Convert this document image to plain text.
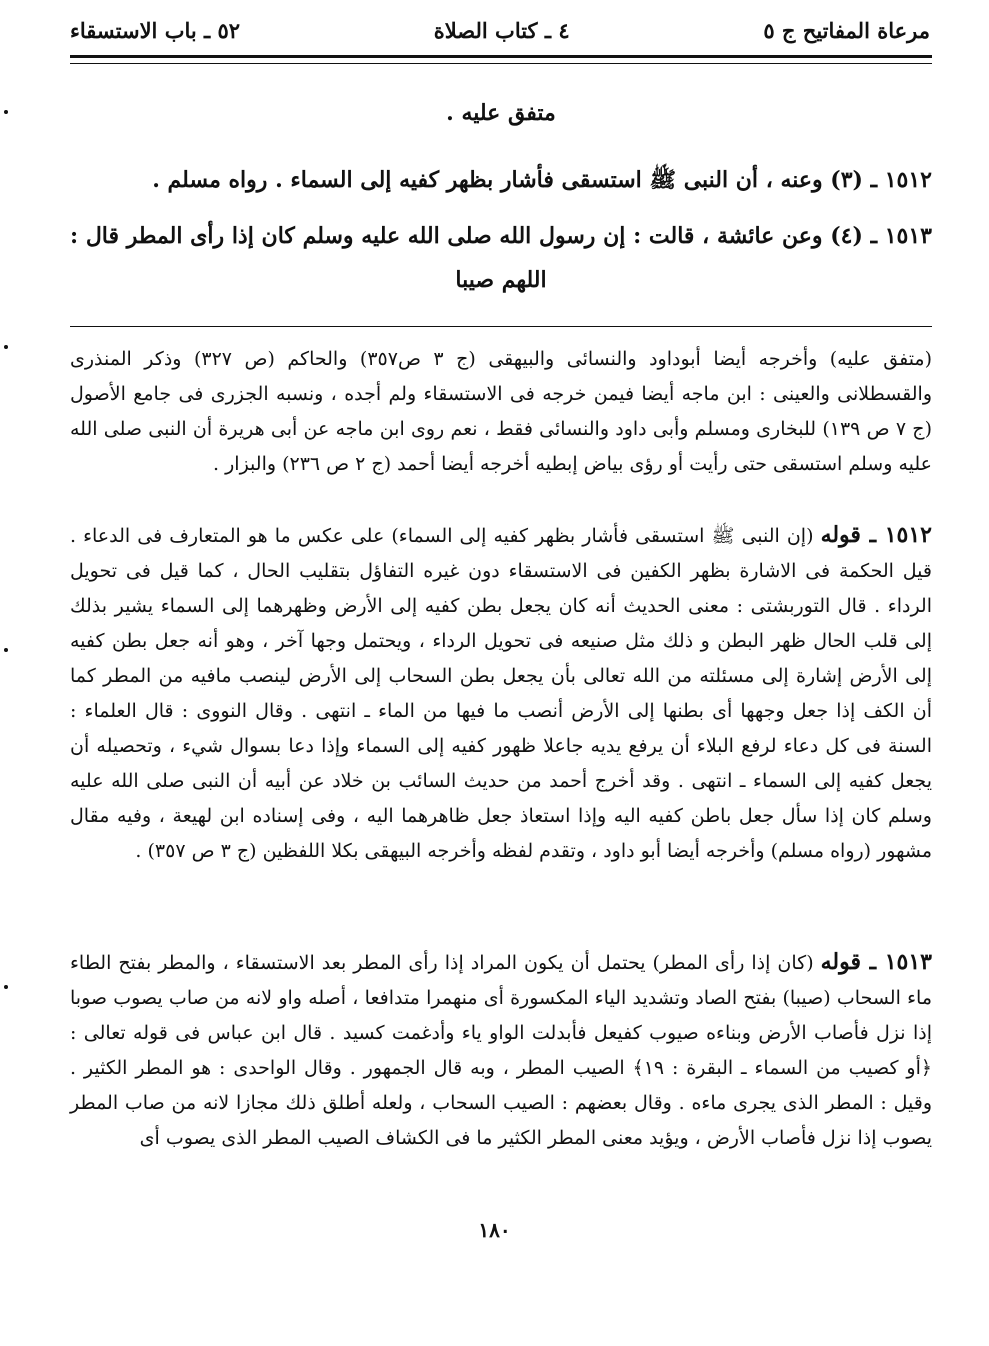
مرعاة المفاتيح ج ٥
٤ ـ كتاب الصلاة
٥٢ ـ باب الاستسقاء
متفق عليه .
١٥١٢ ـ (٣) وعنه ، أن النبى ﷺ استسقى فأشار بظهر كفيه إلى السماء . رواه مسلم .
١٥١٣ ـ (٤) وعن عائشة ، قالت : إن رسول الله صلى الله عليه وسلم كان إذا رأى المطر قال : اللهم صيبا
(متفق عليه) وأخرجه أيضا أبوداود والنسائى والبيهقى (ج ٣ ص٣٥٧) والحاكم (ص ٣٢٧) وذكر المنذرى والقسطلانى والعينى : ابن ماجه أيضا فيمن خرجه فى الاستسقاء ولم أجده ، ونسبه الجزرى فى جامع الأصول (ج ٧ ص ١٣٩) للبخارى ومسلم وأبى داود والنسائى فقط ، نعم روى ابن ماجه عن أبى هريرة أن النبى صلى الله عليه وسلم استسقى حتى رأيت أو رؤى بياض إبطيه أخرجه أيضا أحمد (ج ٢ ص ٢٣٦) والبزار .
١٥١٢ ـ قوله (إن النبى ﷺ استسقى فأشار بظهر كفيه إلى السماء) على عكس ما هو المتعارف فى الدعاء . قيل الحكمة فى الاشارة بظهر الكفين فى الاستسقاء دون غيره التفاؤل بتقليب الحال ، كما قيل فى تحويل الرداء . قال التوربشتى : معنى الحديث أنه كان يجعل بطن كفيه إلى الأرض وظهرهما إلى السماء يشير بذلك إلى قلب الحال ظهر البطن و ذلك مثل صنيعه فى تحويل الرداء ، ويحتمل وجها آخر ، وهو أنه جعل بطن كفيه إلى الأرض إشارة إلى مسئلته من الله تعالى بأن يجعل بطن السحاب إلى الأرض لينصب مافيه من المطر كما أن الكف إذا جعل وجهها أى بطنها إلى الأرض أنصب ما فيها من الماء ـ انتهى . وقال النووى : قال العلماء : السنة فى كل دعاء لرفع البلاء أن يرفع يديه جاعلا ظهور كفيه إلى السماء وإذا دعا بسوال شيء ، وتحصيله أن يجعل كفيه إلى السماء ـ انتهى . وقد أخرج أحمد من حديث السائب بن خلاد عن أبيه أن النبى صلى الله عليه وسلم كان إذا سأل جعل باطن كفيه اليه وإذا استعاذ جعل ظاهرهما اليه ، وفى إسناده ابن لهيعة ، وفيه مقال مشهور (رواه مسلم) وأخرجه أيضا أبو داود ، وتقدم لفظه وأخرجه البيهقى بكلا اللفظين (ج ٣ ص ٣٥٧) .
١٥١٣ ـ قوله (كان إذا رأى المطر) يحتمل أن يكون المراد إذا رأى المطر بعد الاستسقاء ، والمطر بفتح الطاء ماء السحاب (صيبا) بفتح الصاد وتشديد الياء المكسورة أى منهمرا متدافعا ، أصله واو لانه من صاب يصوب صوبا إذا نزل فأصاب الأرض وبناءه صيوب كفيعل فأبدلت الواو ياء وأدغمت كسيد . قال ابن عباس فى قوله تعالى : ﴿أو كصيب من السماء ـ البقرة : ١٩﴾ الصيب المطر ، وبه قال الجمهور . وقال الواحدى : هو المطر الكثير . وقيل : المطر الذى يجرى ماءه . وقال بعضهم : الصيب السحاب ، ولعله أطلق ذلك مجازا لانه من صاب المطر يصوب إذا نزل فأصاب الأرض ، ويؤيد معنى المطر الكثير ما فى الكشاف الصيب المطر الذى يصوب أى
١٨٠
